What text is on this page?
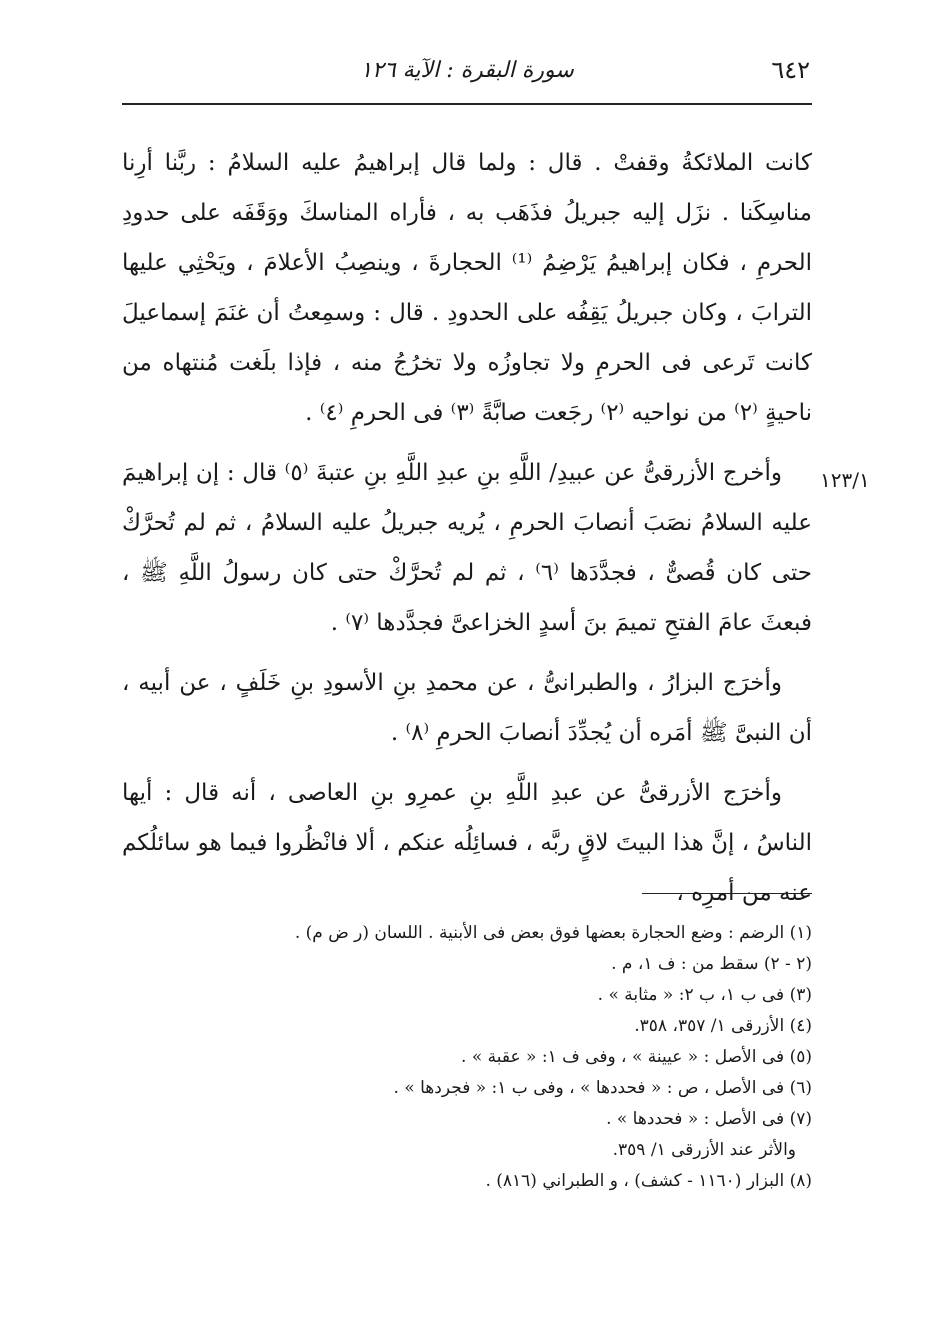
٦٤٢
سورة البقرة : الآية ١٢٦

كانت الملائكةُ وقفتْ . قال : ولما قال إبراهيمُ عليه السلامُ : ربَّنا أرِنا مناسِكَنا . نزَل إليه جبريلُ فذَهَب به ، فأراه المناسكَ ووَقَفَه على حدودِ الحرمِ ، فكان إبراهيمُ يَرْضِمُ ⁽¹⁾ الحجارةَ ، وينصِبُ الأعلامَ ، ويَحْثِي عليها الترابَ ، وكان جبريلُ يَقِفُه على الحدودِ . قال : وسمِعتُ أن غنَمَ إسماعيلَ كانت تَرعى فى الحرمِ ولا تجاوزُه ولا تخرُجُ منه ، فإذا بلَغت مُنتهاه من ناحيةٍ ⁽٢⁾ من نواحيه ⁽٢⁾ رجَعت صابَّةً ⁽٣⁾ فى الحرمِ ⁽٤⁾ .

وأخرج الأزرقىُّ عن عبيدِ/ اللَّهِ بنِ عبدِ اللَّهِ بنِ عتبةَ ⁽٥⁾ قال : إن إبراهيمَ عليه السلامُ نصَبَ أنصابَ الحرمِ ، يُريه جبريلُ عليه السلامُ ، ثم لم تُحرَّكْ حتى كان قُصىٌّ ، فجدَّدَها ⁽٦⁾ ، ثم لم تُحرَّكْ حتى كان رسولُ اللَّهِ ﷺ ، فبعثَ عامَ الفتحِ تميمَ بنَ أسدٍ الخزاعىَّ فجدَّدها ⁽٧⁾ .

وأخرَج البزارُ ، والطبرانىُّ ، عن محمدِ بنِ الأسودِ بنِ خَلَفٍ ، عن أبيه ، أن النبىَّ ﷺ أمَره أن يُجدِّدَ أنصابَ الحرمِ ⁽٨⁾ .

وأخرَج الأزرقىُّ عن عبدِ اللَّهِ بنِ عمرِو بنِ العاصى ، أنه قال : أيها الناسُ ، إنَّ هذا البيتَ لاقٍ ربَّه ، فسائِلُه عنكم ، ألا فانْظُروا فيما هو سائلُكم عنه من أمرِه ،

١٢٣/١

(١) الرضم : وضع الحجارة بعضها فوق بعض فى الأبنية . اللسان (ر ض م) .

(٢ - ٢) سقط من : ف ١، م .

(٣) فى ب ١، ب ٢: « مثابة » .

(٤) الأزرقى ١/ ٣٥٧، ٣٥٨.

(٥) فى الأصل : « عيينة » ، وفى ف ١: « عقبة » .

(٦) فى الأصل ، ص : « فحددها » ، وفى ب ١: « فجردها » .

(٧) فى الأصل : « فحددها » .

والأثر عند الأزرقى ١/ ٣٥٩.

(٨) البزار (١١٦٠ - كشف) ، و الطبراني (٨١٦) .
